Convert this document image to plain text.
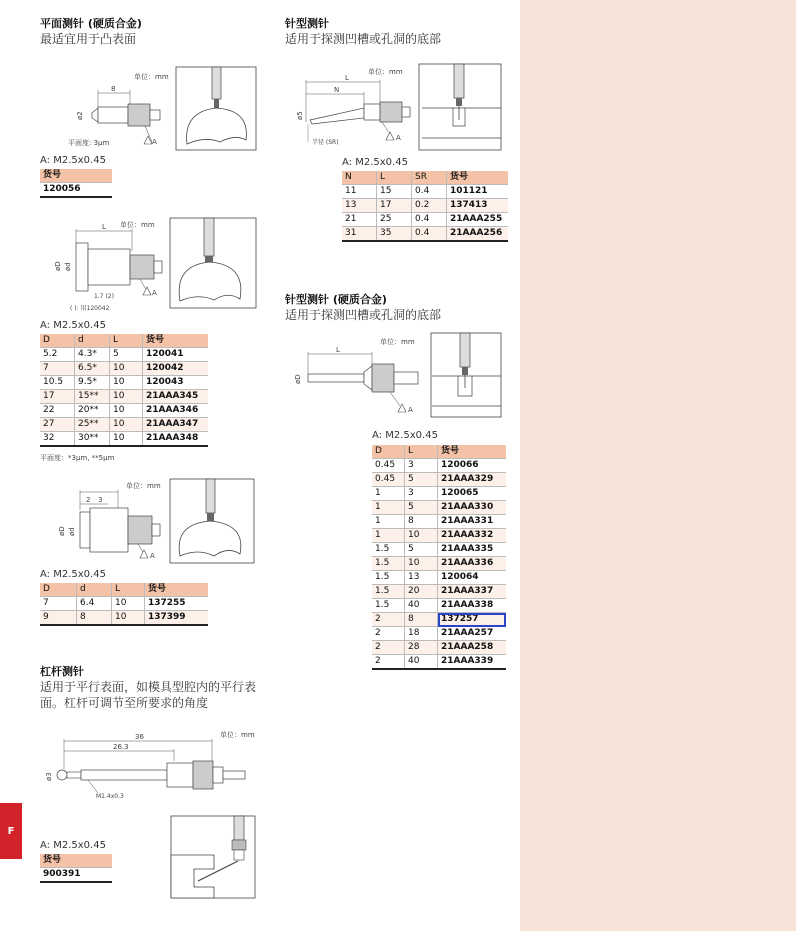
F
平面测针 (硬质合金)
最适宜用于凸表面
单位：mm
8
ø2
A
平面度: 3μm
A: M2.5x0.45
货号
120056
单位：mm
L
øD ød
A
1.7 (2)
( ): 用120042
A: M2.5x0.45
D	d	L	货号
5.2	4.3*	5	120041
7	6.5*	10	120042
10.5	9.5*	10	120043
17	15**	10	21AAA345
22	20**	10	21AAA346
27	25**	10	21AAA347
32	30**	10	21AAA348
平面度：*3μm, **5μm
单位：mm
2 3
øD ød
A
A: M2.5x0.45
D	d	L	货号
7	6.4	10	137255
9	8	10	137399
杠杆测针
适用于平行表面，如模具型腔内的平行表
面。杠杆可调节至所要求的角度
单位：mm
36
26.3
ø3
M1.4x0.3
A: M2.5x0.45
货号
900391
针型测针
适用于探测凹槽或孔洞的底部
单位：mm
L
N
ø5
A
半径 (SR)
A: M2.5x0.45
N	L	SR	货号
11	15	0.4	101121
13	17	0.2	137413
21	25	0.4	21AAA255
31	35	0.4	21AAA256
针型测针 (硬质合金)
适用于探测凹槽或孔洞的底部
单位：mm
L
øD
A
A: M2.5x0.45
D	L	货号
0.45	3	120066
0.45	5	21AAA329
1	3	120065
1	5	21AAA330
1	8	21AAA331
1	10	21AAA332
1.5	5	21AAA335
1.5	10	21AAA336
1.5	13	120064
1.5	20	21AAA337
1.5	40	21AAA338
2	8	137257
2	18	21AAA257
2	28	21AAA258
2	40	21AAA339
